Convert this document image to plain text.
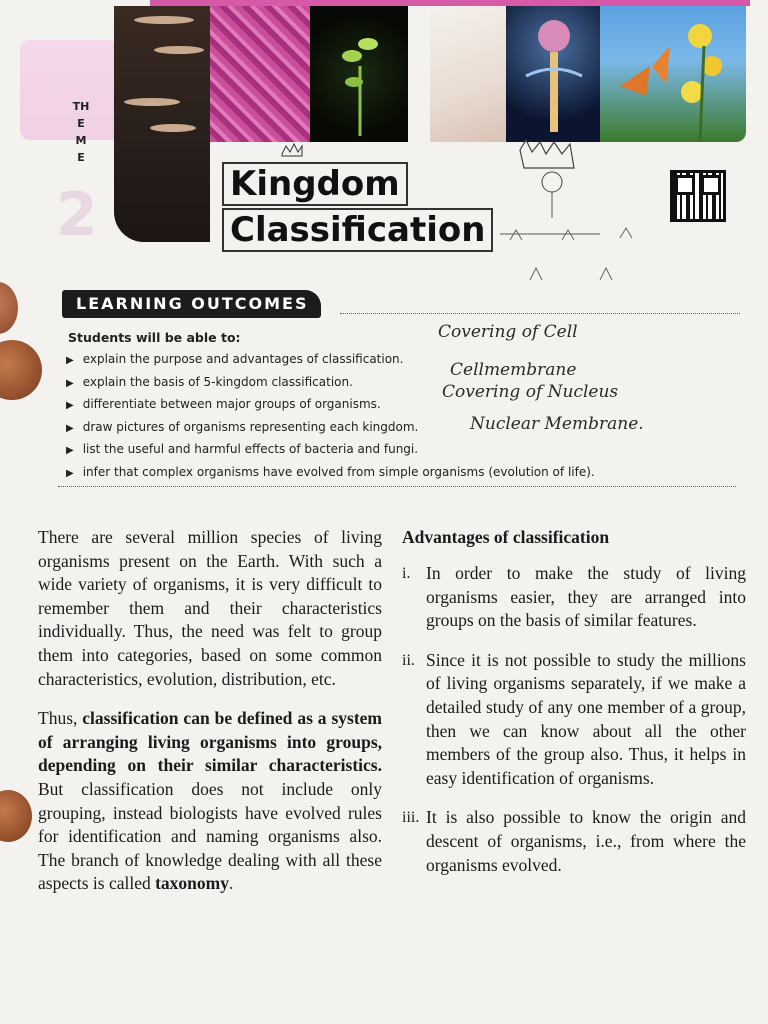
THEME
2	Kingdom
Classification
LEARNING OUTCOMES
Students will be able to:
▶ explain the purpose and advantages of classification.
▶ explain the basis of 5-kingdom classification.
▶ differentiate between major groups of organisms.
▶ draw pictures of organisms representing each kingdom.
▶ list the useful and harmful effects of bacteria and fungi.
▶ infer that complex organisms have evolved from simple organisms (evolution of life).
Covering of Cell
Cellmembrane
Covering of Nucleus
Nuclear Membrane.

There are several million species of living organisms present on the Earth. With such a wide variety of organisms, it is very difficult to remember them and their characteristics individually. Thus, the need was felt to group them into categories, based on some common characteristics, evolution, distribution, etc.

Thus, classification can be defined as a system of arranging living organisms into groups, depending on their similar characteristics. But classification does not include only grouping, instead biologists have evolved rules for identification and naming organisms also. The branch of knowledge dealing with all these aspects is called taxonomy.

Advantages of classification
i. In order to make the study of living organisms easier, they are arranged into groups on the basis of similar features.
ii. Since it is not possible to study the millions of living organisms separately, if we make a detailed study of any one member of a group, then we can know about all the other members of the group also. Thus, it helps in easy identification of organisms.
iii. It is also possible to know the origin and descent of organisms, i.e., from where the organisms evolved.
